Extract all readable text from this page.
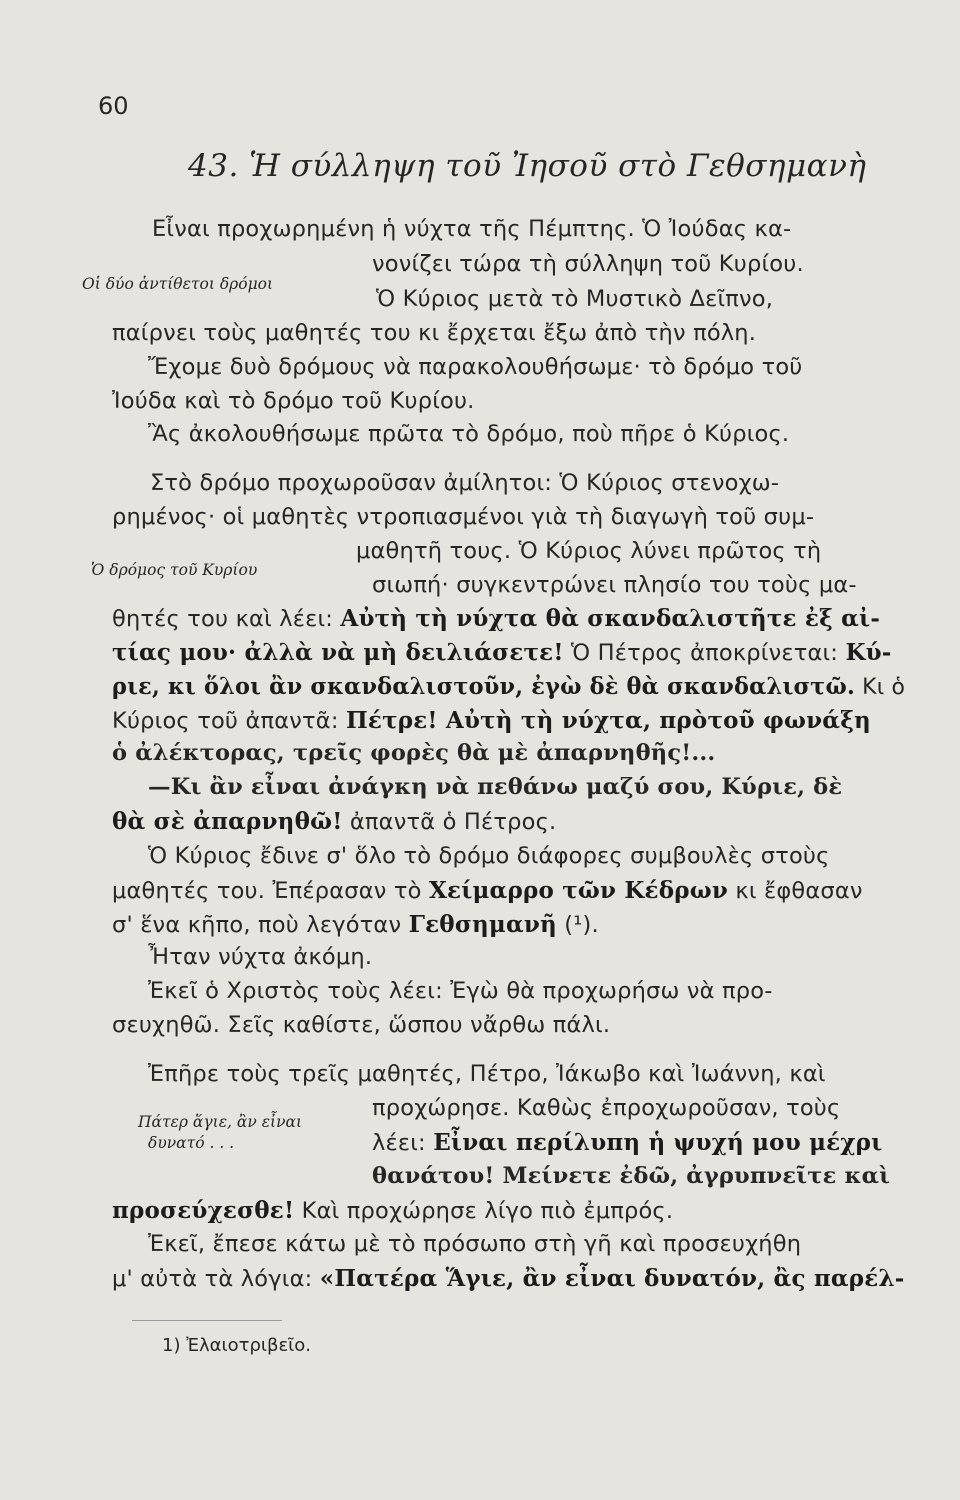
60
43. Ἡ σύλληψη τοῦ Ἰησοῦ στὸ Γεθσημανὴ
Οἱ δύο ἀντίθετοι δρόμοι
Ὁ δρόμος τοῦ Κυρίου
Πάτερ ἅγιε, ἂν εἶναι
δυνατό . . .
Εἶναι προχωρημένη ἡ νύχτα τῆς Πέμπτης. Ὁ Ἰούδας κα-
νονίζει τώρα τὴ σύλληψη τοῦ Κυρίου.
Ὁ Κύριος μετὰ τὸ Μυστικὸ Δεῖπνο,
παίρνει τοὺς μαθητές του κι ἔρχεται ἔξω ἀπὸ τὴν πόλη.
Ἔχομε δυὸ δρόμους νὰ παρακολουθήσωμε· τὸ δρόμο τοῦ
Ἰούδα καὶ τὸ δρόμο τοῦ Κυρίου.
Ἂς ἀκολουθήσωμε πρῶτα τὸ δρόμο, ποὺ πῆρε ὁ Κύριος.
Στὸ δρόμο προχωροῦσαν ἀμίλητοι: Ὁ Κύριος στενοχω-
ρημένος· οἱ μαθητὲς ντροπιασμένοι γιὰ τὴ διαγωγὴ τοῦ συμ-
μαθητῆ τους. Ὁ Κύριος λύνει πρῶτος τὴ
σιωπή· συγκεντρώνει πλησίο του τοὺς μα-
θητές του καὶ λέει: Αὐτὴ τὴ νύχτα θὰ σκανδαλιστῆτε ἐξ αἰ-
τίας μου· ἀλλὰ νὰ μὴ δειλιάσετε! Ὁ Πέτρος ἀποκρίνεται: Κύ-
ριε, κι ὅλοι ἂν σκανδαλιστοῦν, ἐγὼ δὲ θὰ σκανδαλιστῶ. Κι ὁ
Κύριος τοῦ ἀπαντᾶ: Πέτρε! Αὐτὴ τὴ νύχτα, πρὸτοῦ φωνάξη
ὁ ἀλέκτορας, τρεῖς φορὲς θὰ μὲ ἀπαρνηθῆς!...
—Κι ἂν εἶναι ἀνάγκη νὰ πεθάνω μαζύ σου, Κύριε, δὲ
θὰ σὲ ἀπαρνηθῶ! ἀπαντᾶ ὁ Πέτρος.
Ὁ Κύριος ἔδινε σ' ὅλο τὸ δρόμο διάφορες συμβουλὲς στοὺς
μαθητές του. Ἐπέρασαν τὸ Χείμαρρο τῶν Κέδρων κι ἔφθασαν
σ' ἕνα κῆπο, ποὺ λεγόταν Γεθσημανῆ (¹).
Ἦταν νύχτα ἀκόμη.
Ἐκεῖ ὁ Χριστὸς τοὺς λέει: Ἐγὼ θὰ προχωρήσω νὰ προ-
σευχηθῶ. Σεῖς καθίστε, ὥσπου νἄρθω πάλι.
Ἐπῆρε τοὺς τρεῖς μαθητές, Πέτρο, Ἰάκωβο καὶ Ἰωάννη, καὶ
προχώρησε. Καθὼς ἐπροχωροῦσαν, τοὺς
λέει: Εἶναι περίλυπη ἡ ψυχή μου μέχρι
θανάτου! Μείνετε ἐδῶ, ἀγρυπνεῖτε καὶ
προσεύχεσθε! Καὶ προχώρησε λίγο πιὸ ἐμπρός.
Ἐκεῖ, ἔπεσε κάτω μὲ τὸ πρόσωπο στὴ γῆ καὶ προσευχήθη
μ' αὐτὰ τὰ λόγια: «Πατέρα Ἅγιε, ἂν εἶναι δυνατόν, ἂς παρέλ-
1) Ἐλαιοτριβεῖο.
